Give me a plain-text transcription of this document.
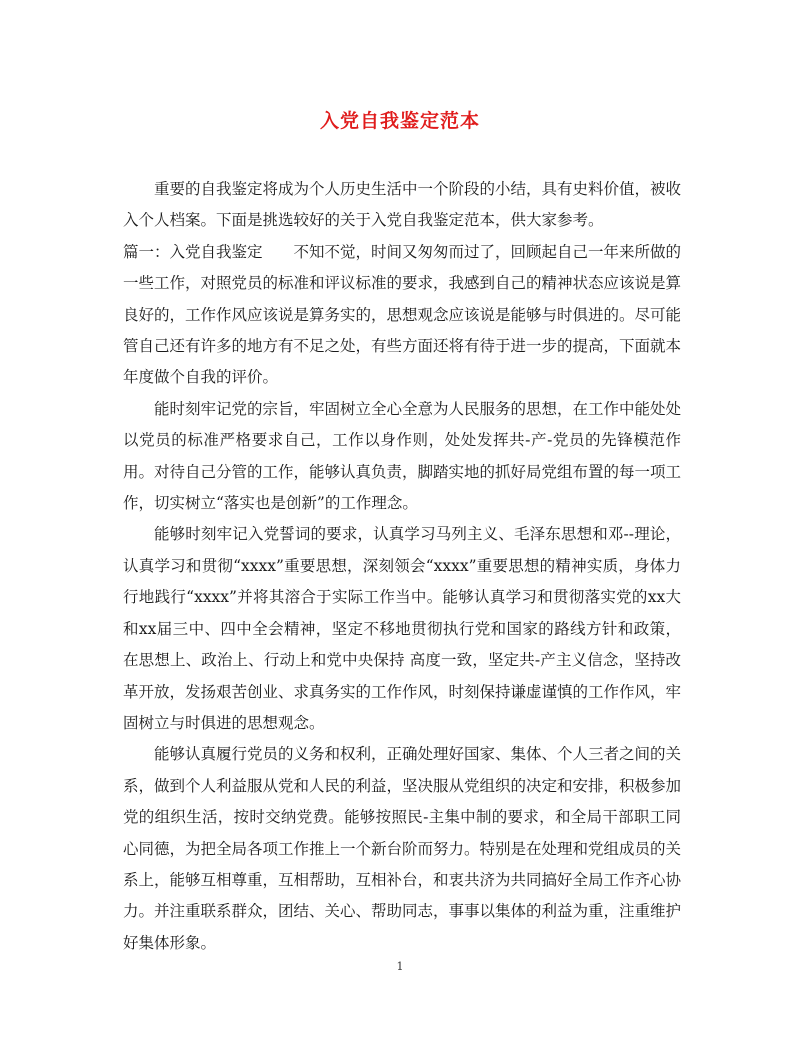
入党自我鉴定范本

重要的自我鉴定将成为个人历史生活中一个阶段的小结，具有史料价值，被收入个人档案。下面是挑选较好的关于入党自我鉴定范本，供大家参考。

篇一：入党自我鉴定　　不知不觉，时间又匆匆而过了，回顾起自己一年来所做的一些工作，对照党员的标准和评议标准的要求，我感到自己的精神状态应该说是算良好的，工作作风应该说是算务实的，思想观念应该说是能够与时俱进的。尽可能管自己还有许多的地方有不足之处，有些方面还将有待于进一步的提高，下面就本年度做个自我的评价。

能时刻牢记党的宗旨，牢固树立全心全意为人民服务的思想，在工作中能处处以党员的标准严格要求自己，工作以身作则，处处发挥共-产-党员的先锋模范作用。对待自己分管的工作，能够认真负责，脚踏实地的抓好局党组布置的每一项工作，切实树立“落实也是创新”的工作理念。

能够时刻牢记入党誓词的要求，认真学习马列主义、毛泽东思想和邓--理论，认真学习和贯彻“xxxx”重要思想，深刻领会“xxxx”重要思想的精神实质，身体力行地践行“xxxx”并将其溶合于实际工作当中。能够认真学习和贯彻落实党的xx大和xx届三中、四中全会精神，坚定不移地贯彻执行党和国家的路线方针和政策，在思想上、政治上、行动上和党中央保持 高度一致，坚定共-产主义信念，坚持改革开放，发扬艰苦创业、求真务实的工作作风，时刻保持谦虚谨慎的工作作风，牢固树立与时俱进的思想观念。

能够认真履行党员的义务和权利，正确处理好国家、集体、个人三者之间的关系，做到个人利益服从党和人民的利益，坚决服从党组织的决定和安排，积极参加党的组织生活，按时交纳党费。能够按照民-主集中制的要求，和全局干部职工同心同德，为把全局各项工作推上一个新台阶而努力。特别是在处理和党组成员的关系上，能够互相尊重，互相帮助，互相补台，和衷共济为共同搞好全局工作齐心协力。并注重联系群众，团结、关心、帮助同志，事事以集体的利益为重，注重维护好集体形象。

1
